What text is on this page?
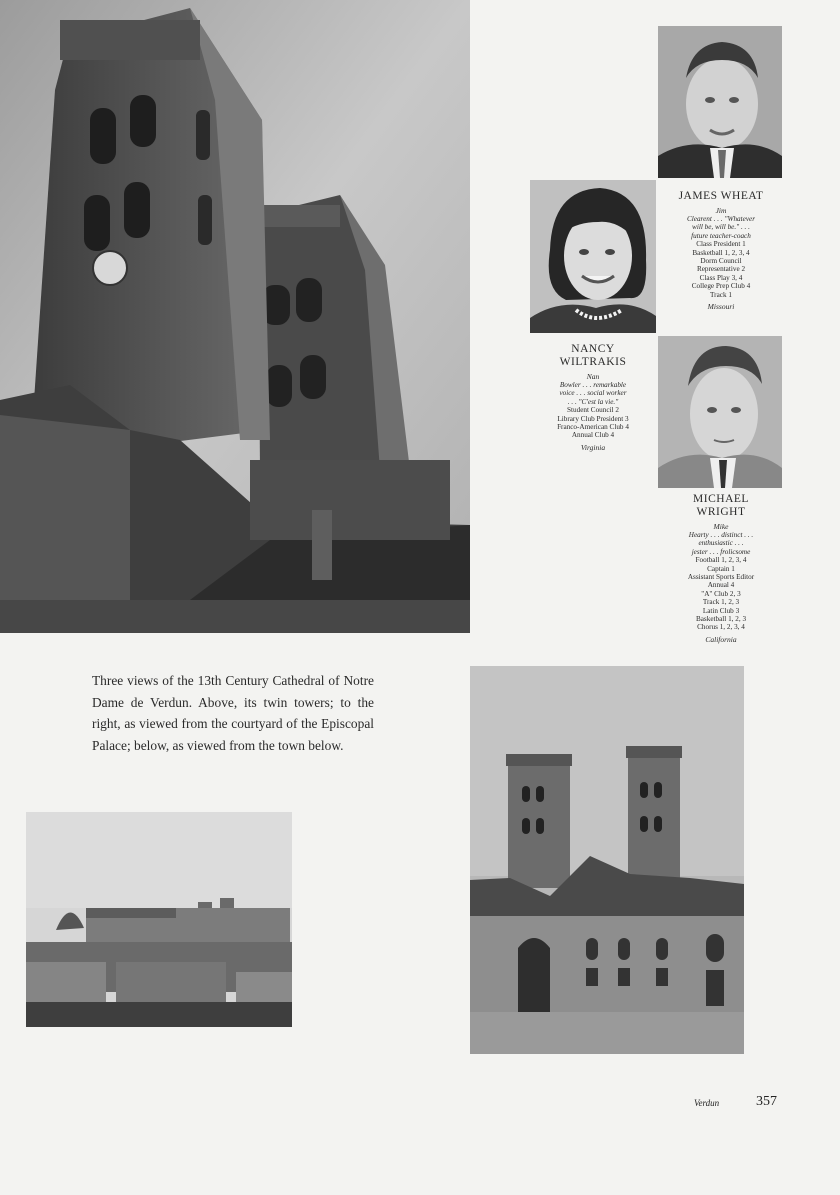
JAMES WHEAT
Jim
Clearent . . . "Whatever
will be, will be." . . .
future teacher-coach
Class President 1
Basketball 1, 2, 3, 4
Dorm Council
Representative 2
Class Play 3, 4
College Prep Club 4
Track 1
Missouri
NANCY
WILTRAKIS
Nan
Bowler . . . remarkable
voice . . . social worker
. . . "C'est la vie."
Student Council 2
Library Club President 3
Franco-American Club 4
Annual Club 4
Virginia
MICHAEL
WRIGHT
Mike
Hearty . . . distinct . . .
enthusiastic . . .
jester . . . frolicsome
Football 1, 2, 3, 4
Captain 1
Assistant Sports Editor
Annual 4
"A" Club 2, 3
Track 1, 2, 3
Latin Club 3
Basketball 1, 2, 3
Chorus 1, 2, 3, 4
California
Three views of the 13th Century Cathedral of Notre Dame de Verdun. Above, its twin towers; to the right, as viewed from the courtyard of the Episcopal Palace; below, as viewed from the town below.
Verdun	357
